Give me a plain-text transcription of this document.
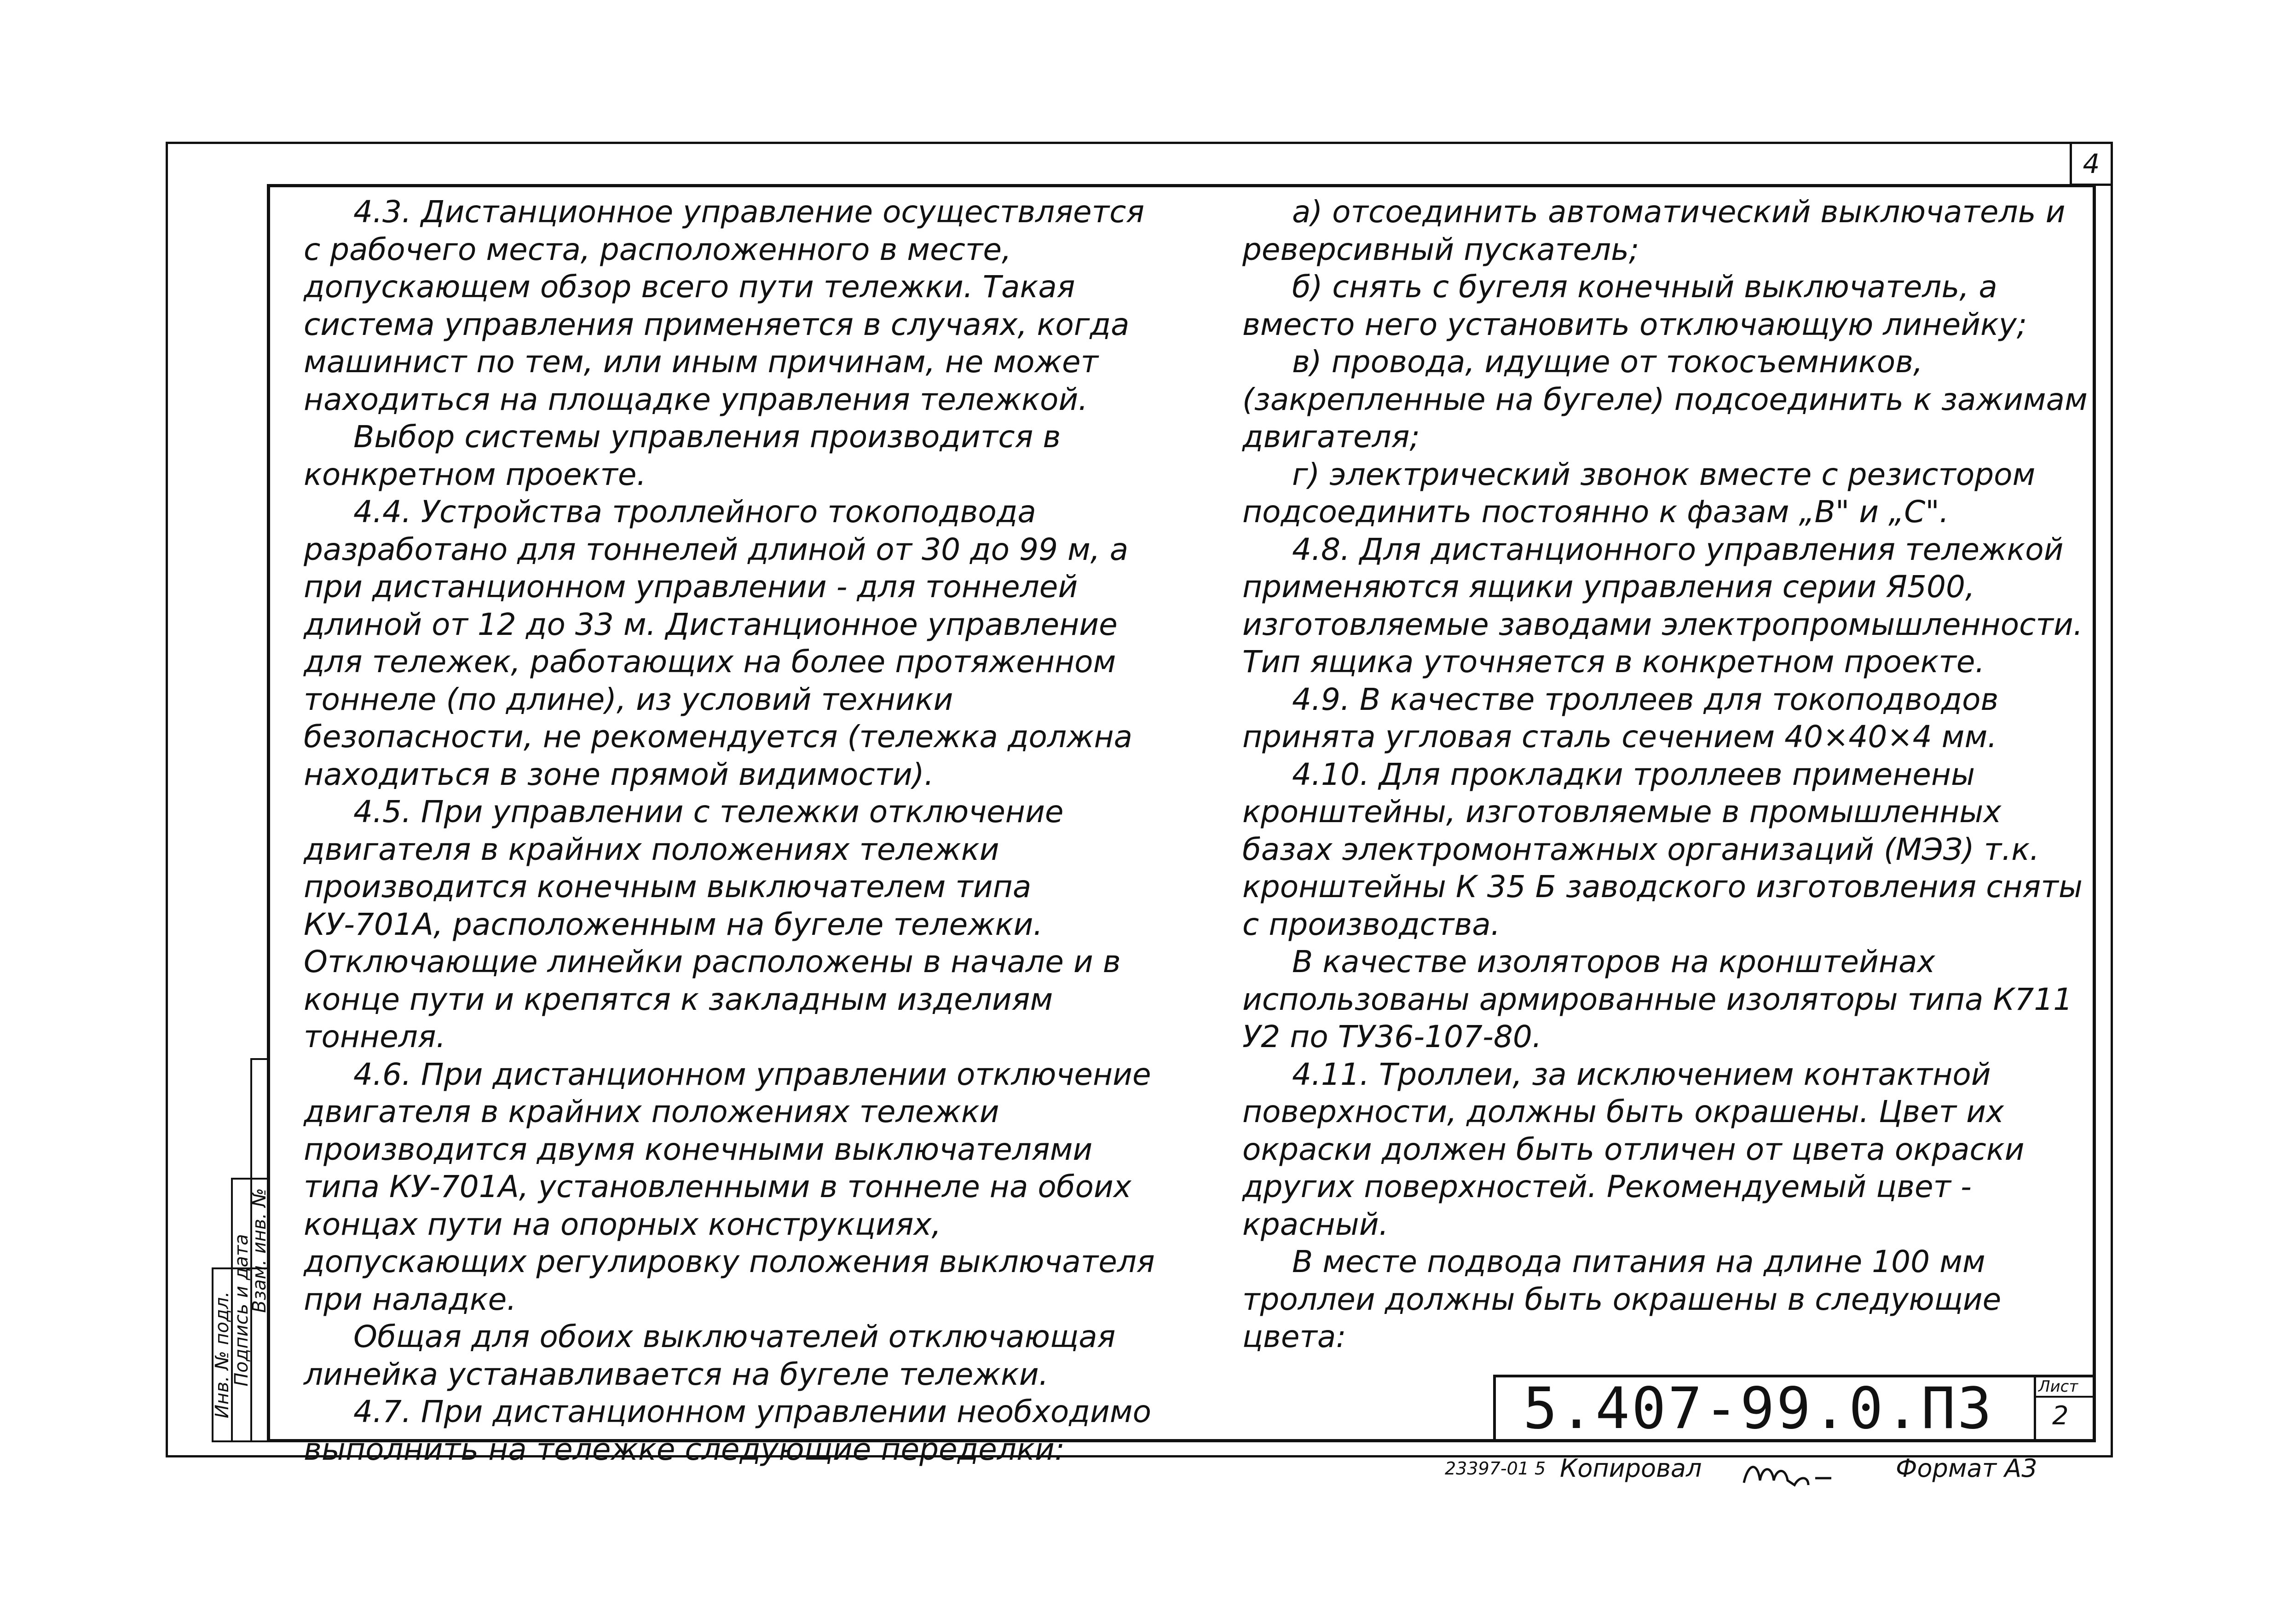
4
Инв. № подл.
Подпись и дата
Взам. инв. №

4.3. Дистанционное управление осуществляется с рабочего места, расположенного в месте, допускающем обзор всего пути тележки. Такая система управления применяется в случаях, когда машинист по тем, или иным причинам, не может находиться на площадке управления тележкой.

Выбор системы управления производится в конкретном проекте.

4.4. Устройства троллейного токоподвода разработано для тоннелей длиной от 30 до 99 м, а при дистанционном управлении - для тоннелей длиной от 12 до 33 м. Дистанционное управление для тележек, работающих на более протяженном тоннеле (по длине), из условий техники безопасности, не рекомендуется (тележка должна находиться в зоне прямой видимости).

4.5. При управлении с тележки отключение двигателя в крайних положениях тележки производится конечным выключателем типа КУ-701А, расположенным на бугеле тележки. Отключающие линейки расположены в начале и в конце пути и крепятся к закладным изделиям тоннеля.

4.6. При дистанционном управлении отключение двигателя в крайних положениях тележки производится двумя конечными выключателями типа КУ-701А, установленными в тоннеле на обоих концах пути на опорных конструкциях, допускающих регулировку положения выключателя при наладке.

Общая для обоих выключателей отключающая линейка устанавливается на бугеле тележки.

4.7. При дистанционном управлении необходимо выполнить на тележке следующие переделки:

а) отсоединить автоматический выключатель и реверсивный пускатель;

б) снять с бугеля конечный выключатель, а вместо него установить отключающую линейку;

в) провода, идущие от токосъемников, (закрепленные на бугеле) подсоединить к зажимам двигателя;

г) электрический звонок вместе с резистором подсоединить постоянно к фазам „В" и „С".

4.8. Для дистанционного управления тележкой применяются ящики управления серии Я500, изготовляемые заводами электропромышленности. Тип ящика уточняется в конкретном проекте.

4.9. В качестве троллеев для токоподводов принята угловая сталь сечением 40×40×4 мм.

4.10. Для прокладки троллеев применены кронштейны, изготовляемые в промышленных базах электромонтажных организаций (МЭЗ) т.к. кронштейны К 35 Б заводского изготовления сняты с производства.

В качестве изоляторов на кронштейнах использованы армированные изоляторы типа К711 У2 по ТУ36-107-80.

4.11. Троллеи, за исключением контактной поверхности, должны быть окрашены. Цвет их окраски должен быть отличен от цвета окраски других поверхностей. Рекомендуемый цвет - красный.

В месте подвода питания на длине 100 мм троллеи должны быть окрашены в следующие цвета:

5.407-99.0.П3	Лист
2
23397-01 5 Копировал	Формат А3
